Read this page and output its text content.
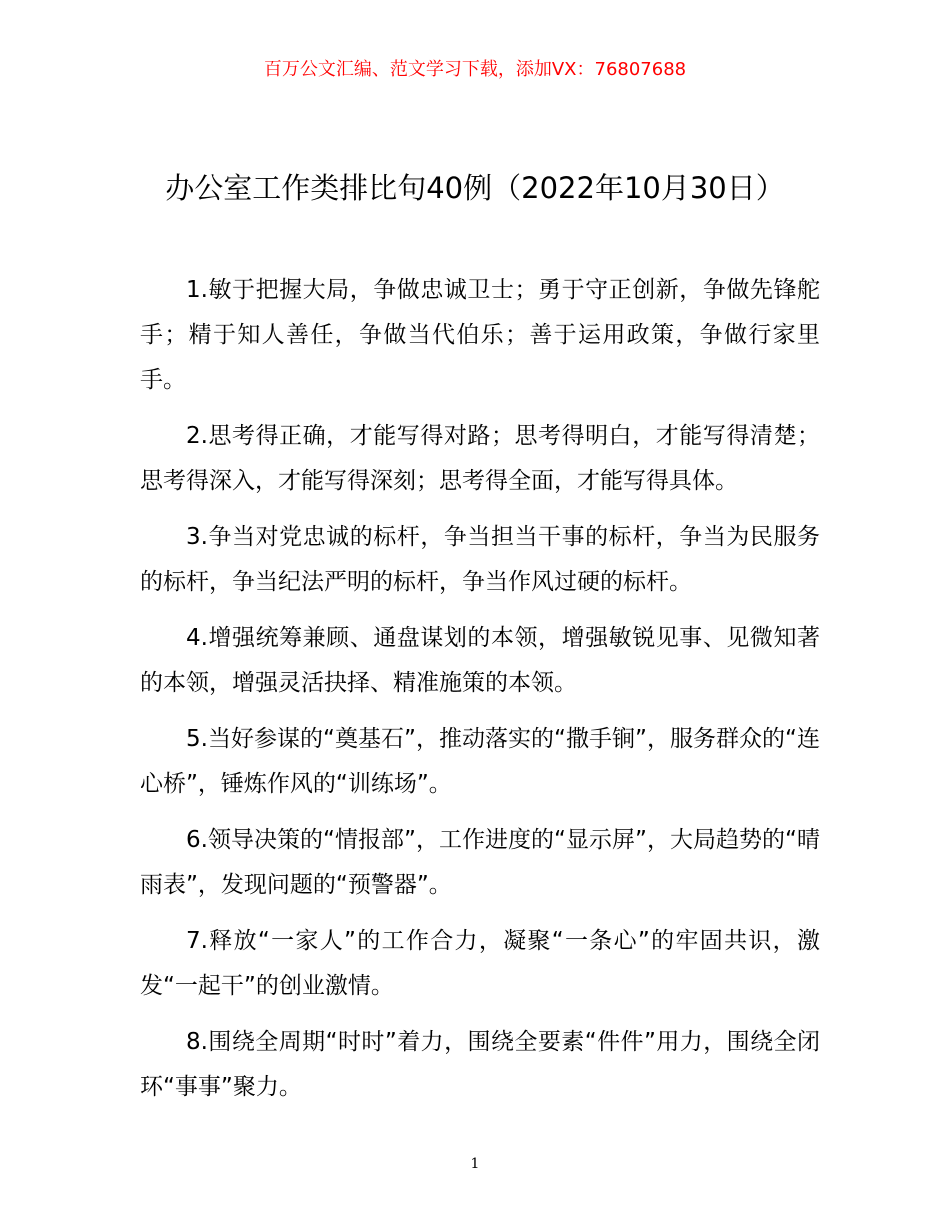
百万公文汇编、范文学习下载，添加VX：76807688
办公室工作类排比句40例（2022年10月30日）

1.敏于把握大局，争做忠诚卫士；勇于守正创新，争做先锋舵手；精于知人善任，争做当代伯乐；善于运用政策，争做行家里手。

2.思考得正确，才能写得对路；思考得明白，才能写得清楚；思考得深入，才能写得深刻；思考得全面，才能写得具体。

3.争当对党忠诚的标杆，争当担当干事的标杆，争当为民服务的标杆，争当纪法严明的标杆，争当作风过硬的标杆。

4.增强统筹兼顾、通盘谋划的本领，增强敏锐见事、见微知著的本领，增强灵活抉择、精准施策的本领。

5.当好参谋的“奠基石”，推动落实的“撒手锏”，服务群众的“连心桥”，锤炼作风的“训练场”。

6.领导决策的“情报部”，工作进度的“显示屏”，大局趋势的“晴雨表”，发现问题的“预警器”。

7.释放“一家人”的工作合力，凝聚“一条心”的牢固共识，激发“一起干”的创业激情。

8.围绕全周期“时时”着力，围绕全要素“件件”用力，围绕全闭环“事事”聚力。

1
